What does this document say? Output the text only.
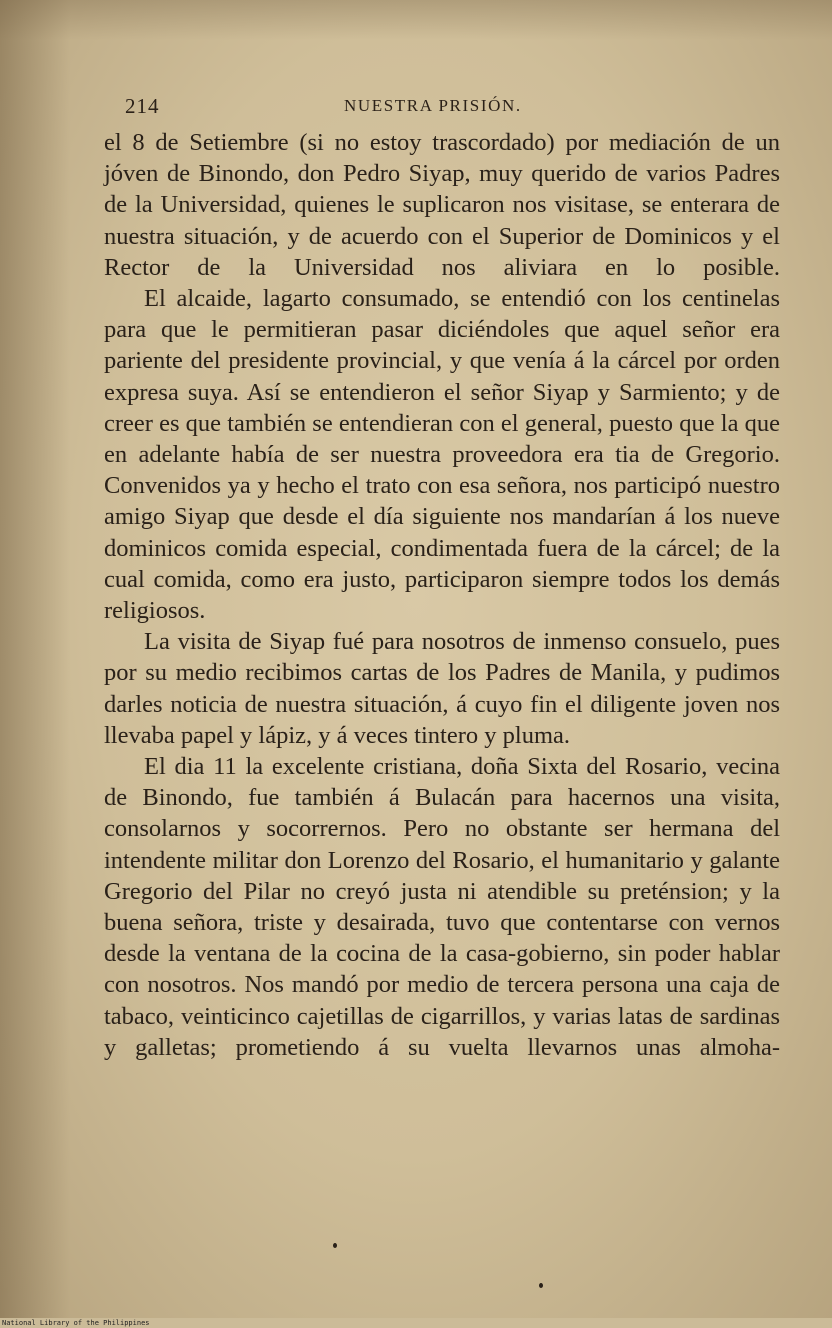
214	NUESTRA PRISIÓN.

el 8 de Setiembre (si no estoy trascordado) por mediación de un jóven de Binondo, don Pedro Siyap, muy querido de varios Padres de la Universidad, quienes le suplicaron nos visitase, se enterara de nuestra situación, y de acuerdo con el Superior de Dominicos y el Rector de la Universidad nos aliviara en lo posible.

El alcaide, lagarto consumado, se entendió con los centinelas para que le permitieran pasar diciéndoles que aquel señor era pariente del presidente provincial, y que venía á la cárcel por orden expresa suya. Así se entendieron el señor Siyap y Sarmiento; y de creer es que también se entendieran con el general, puesto que la que en adelante había de ser nuestra proveedora era tia de Gregorio. Convenidos ya y hecho el trato con esa señora, nos participó nuestro amigo Siyap que desde el día siguiente nos mandarían á los nueve dominicos comida especial, condimentada fuera de la cárcel; de la cual comida, como era justo, participaron siempre todos los demás religiosos.

La visita de Siyap fué para nosotros de inmenso consuelo, pues por su medio recibimos cartas de los Padres de Manila, y pudimos darles noticia de nuestra situación, á cuyo fin el diligente joven nos llevaba papel y lápiz, y á veces tintero y pluma.

El dia 11 la excelente cristiana, doña Sixta del Rosario, vecina de Binondo, fue también á Bulacán para hacernos una visita, consolarnos y socorrernos. Pero no obstante ser hermana del intendente militar don Lorenzo del Rosario, el humanitario y galante Gregorio del Pilar no creyó justa ni atendible su preténsion; y la buena señora, triste y desairada, tuvo que contentarse con vernos desde la ventana de la cocina de la casa-gobierno, sin poder hablar con nosotros. Nos mandó por medio de tercera persona una caja de tabaco, veinticinco cajetillas de cigarrillos, y varias latas de sardinas y galletas; prometiendo á su vuelta llevarnos unas almoha-

National Library of the Philippines
